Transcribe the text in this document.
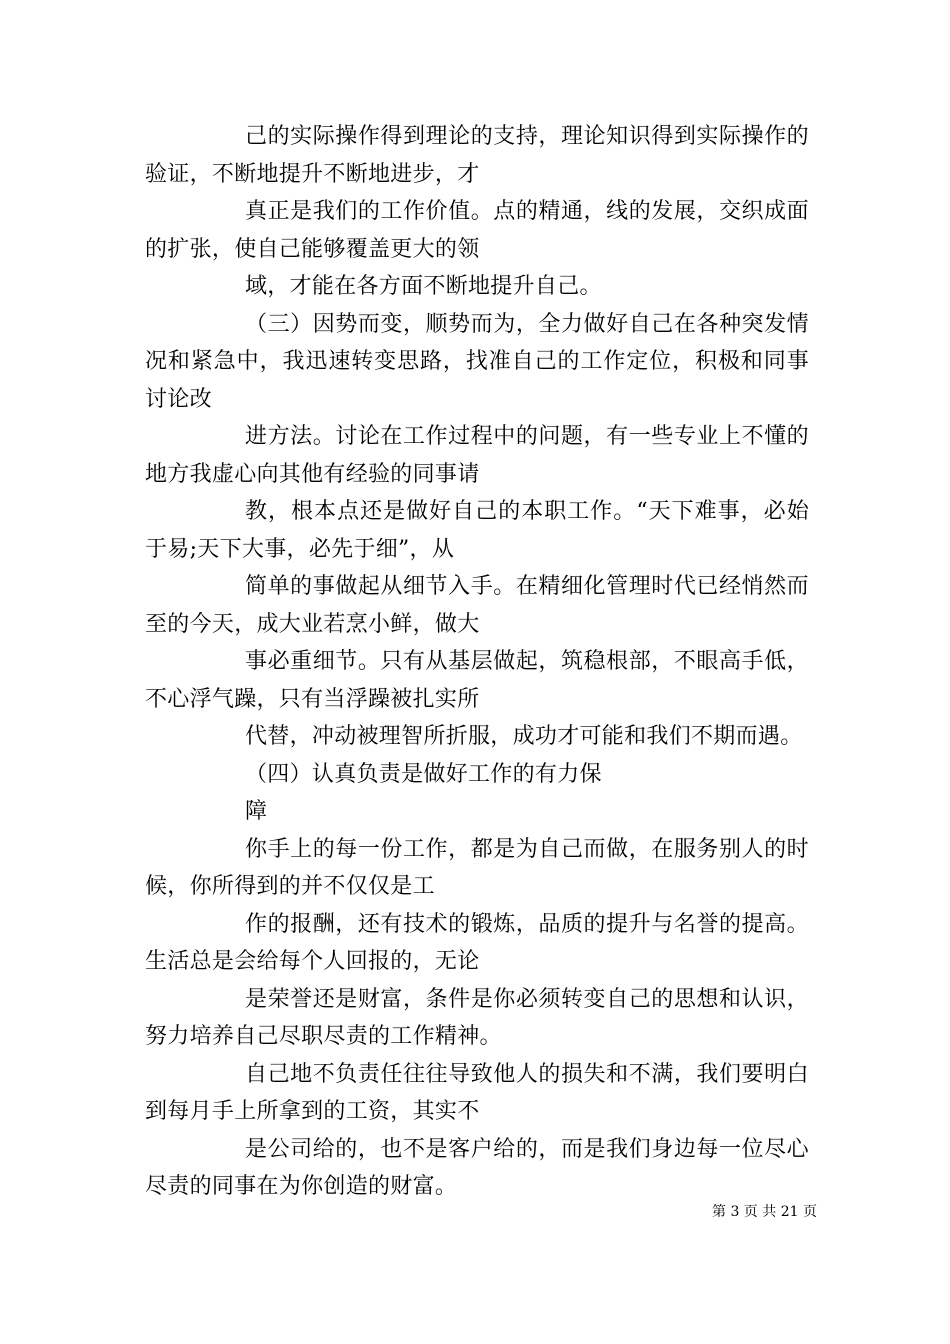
己的实际操作得到理论的支持，理论知识得到实际操作的验证，不断地提升不断地进步，才

真正是我们的工作价值。点的精通，线的发展，交织成面的扩张，使自己能够覆盖更大的领

域，才能在各方面不断地提升自己。

（三）因势而变，顺势而为，全力做好自己在各种突发情况和紧急中，我迅速转变思路，找准自己的工作定位，积极和同事讨论改

进方法。讨论在工作过程中的问题，有一些专业上不懂的地方我虚心向其他有经验的同事请

教，根本点还是做好自己的本职工作。“天下难事，必始于易;天下大事，必先于细”，从

简单的事做起从细节入手。在精细化管理时代已经悄然而至的今天，成大业若烹小鲜，做大

事必重细节。只有从基层做起，筑稳根部，不眼高手低，不心浮气躁，只有当浮躁被扎实所

代替，冲动被理智所折服，成功才可能和我们不期而遇。

（四）认真负责是做好工作的有力保

障

你手上的每一份工作，都是为自己而做，在服务别人的时候，你所得到的并不仅仅是工

作的报酬，还有技术的锻炼，品质的提升与名誉的提高。生活总是会给每个人回报的，无论

是荣誉还是财富，条件是你必须转变自己的思想和认识，努力培养自己尽职尽责的工作精神。

自己地不负责任往往导致他人的损失和不满，我们要明白到每月手上所拿到的工资，其实不

是公司给的，也不是客户给的，而是我们身边每一位尽心尽责的同事在为你创造的财富。

第 3 页 共 21 页
